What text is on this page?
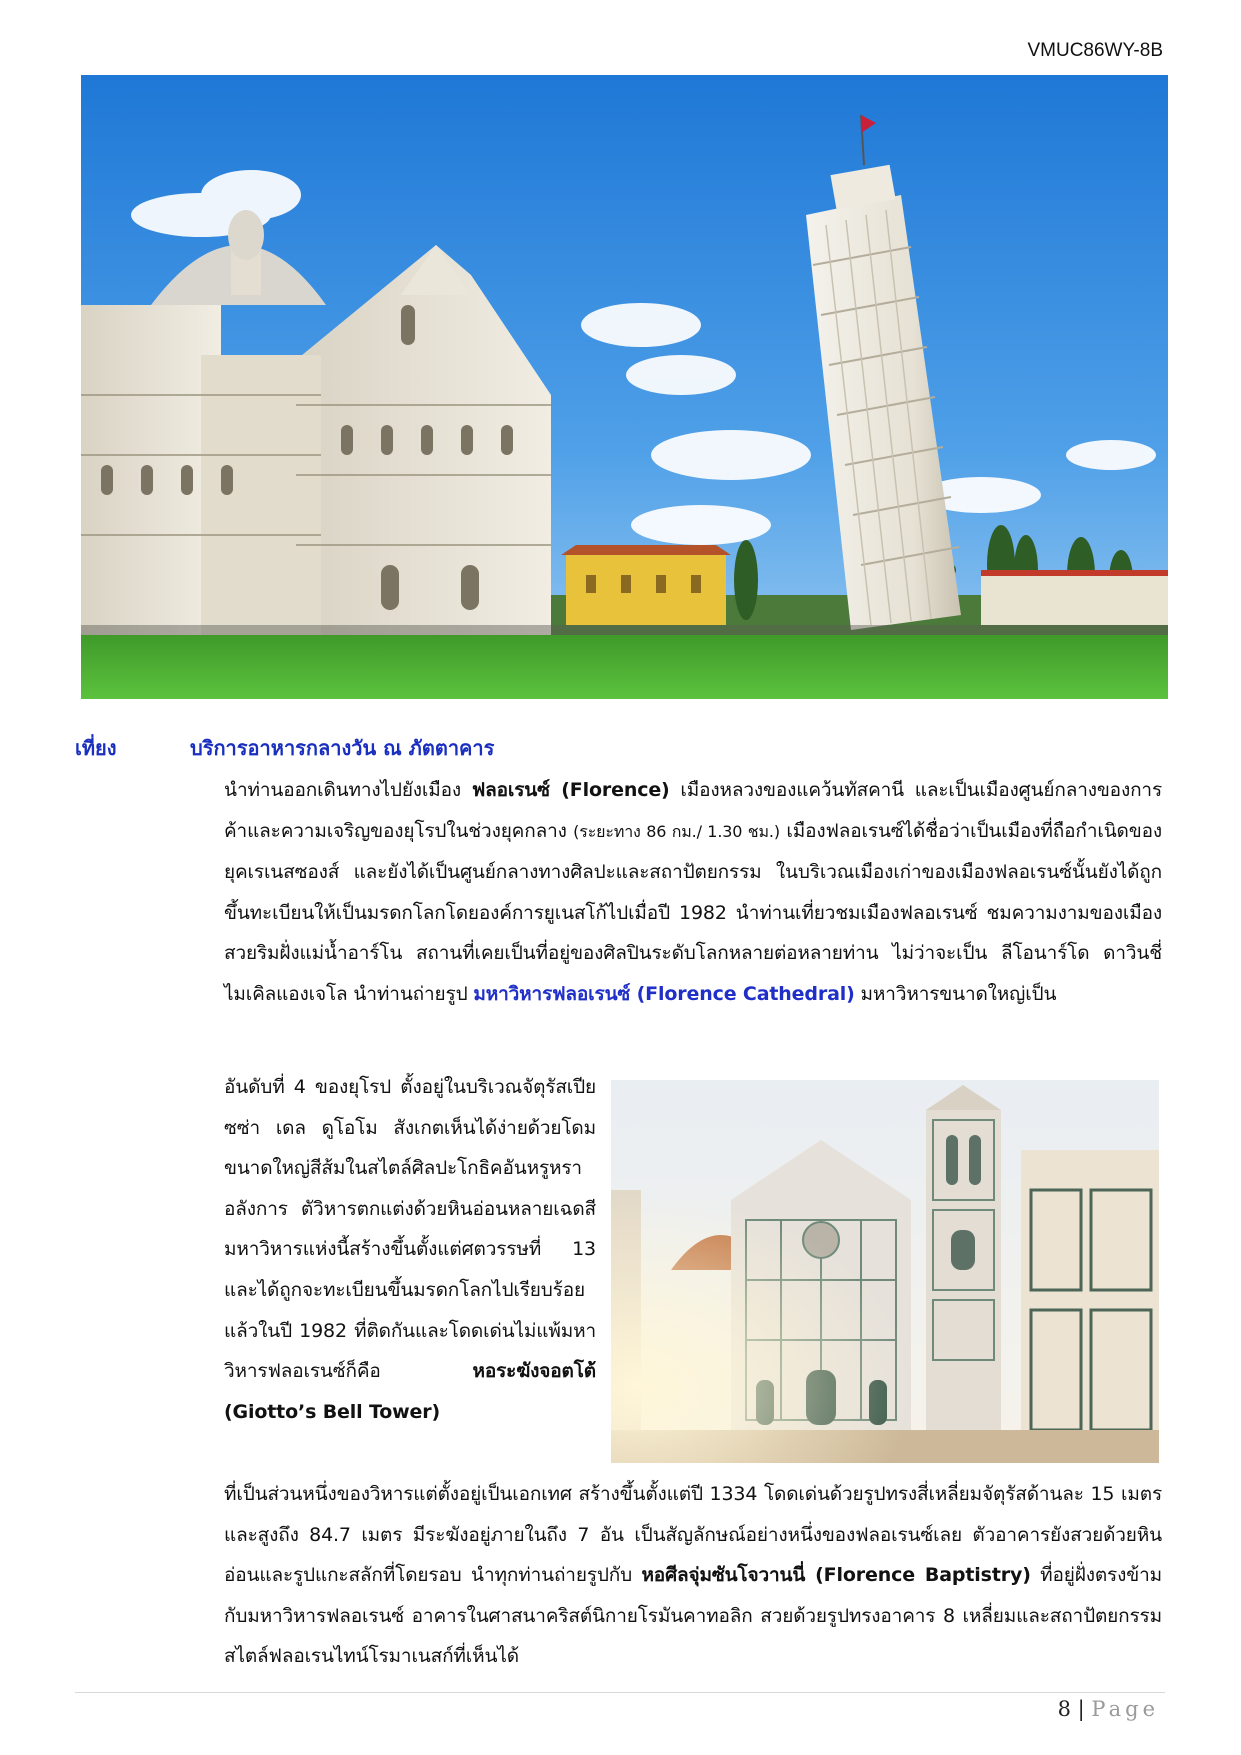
VMUC86WY-8B
เที่ยง	บริการอาหารกลางวัน ณ ภัตตาคาร

นำท่านออกเดินทางไปยังเมือง ฟลอเรนซ์ (Florence) เมืองหลวงของแคว้นทัสคานี และเป็นเมืองศูนย์กลางของการค้าและความเจริญของยุโรปในช่วงยุคกลาง (ระยะทาง 86 กม./ 1.30 ชม.) เมืองฟลอเรนซ์ได้ชื่อว่าเป็นเมืองที่ถือกำเนิดของยุคเรเนสซองส์ และยังได้เป็นศูนย์กลางทางศิลปะและสถาปัตยกรรม ในบริเวณเมืองเก่าของเมืองฟลอเรนซ์นั้นยังได้ถูกขึ้นทะเบียนให้เป็นมรดกโลกโดยองค์การยูเนสโก้ไปเมื่อปี 1982 นำท่านเที่ยวชมเมืองฟลอเรนซ์ ชมความงามของเมืองสวยริมฝั่งแม่น้ำอาร์โน สถานที่เคยเป็นที่อยู่ของศิลปินระดับโลกหลายต่อหลายท่าน ไม่ว่าจะเป็น ลีโอนาร์โด ดาวินชี่ ไมเคิลแองเจโล นำท่านถ่ายรูป มหาวิหารฟลอเรนซ์ (Florence Cathedral) มหาวิหารขนาดใหญ่เป็น

อันดับที่ 4 ของยุโรป ตั้งอยู่ในบริเวณจัตุรัสเปียซซ่า เดล ดูโอโม สังเกตเห็นได้ง่ายด้วยโดมขนาดใหญ่สีส้มในสไตล์ศิลปะโกธิคอันหรูหราอลังการ ตัวิหารตกแต่งด้วยหินอ่อนหลายเฉดสี มหาวิหารแห่งนี้สร้างขึ้นตั้งแต่ศตวรรษที่ 13 และได้ถูกจะทะเบียนขึ้นมรดกโลกไปเรียบร้อยแล้วในปี 1982 ที่ติดกันและโดดเด่นไม่แพ้มหาวิหารฟลอเรนซ์ก็คือ หอระฆังจอตโต้ (Giotto’s Bell Tower)

ที่เป็นส่วนหนึ่งของวิหารแต่ตั้งอยู่เป็นเอกเทศ สร้างขึ้นตั้งแต่ปี 1334 โดดเด่นด้วยรูปทรงสี่เหลี่ยมจัตุรัสด้านละ 15 เมตร และสูงถึง 84.7 เมตร มีระฆังอยู่ภายในถึง 7 อัน เป็นสัญลักษณ์อย่างหนึ่งของฟลอเรนซ์เลย ตัวอาคารยังสวยด้วยหินอ่อนและรูปแกะสลักที่โดยรอบ นำทุกท่านถ่ายรูปกับ หอศีลจุ่มซันโจวานนี่ (Florence Baptistry) ที่อยู่ฝั่งตรงข้ามกับมหาวิหารฟลอเรนซ์ อาคารในศาสนาคริสต์นิกายโรมันคาทอลิก สวยด้วยรูปทรงอาคาร 8 เหลี่ยมและสถาปัตยกรรมสไตล์ฟลอเรนไทน์โรมาเนสก์ที่เห็นได้

8 | Page
